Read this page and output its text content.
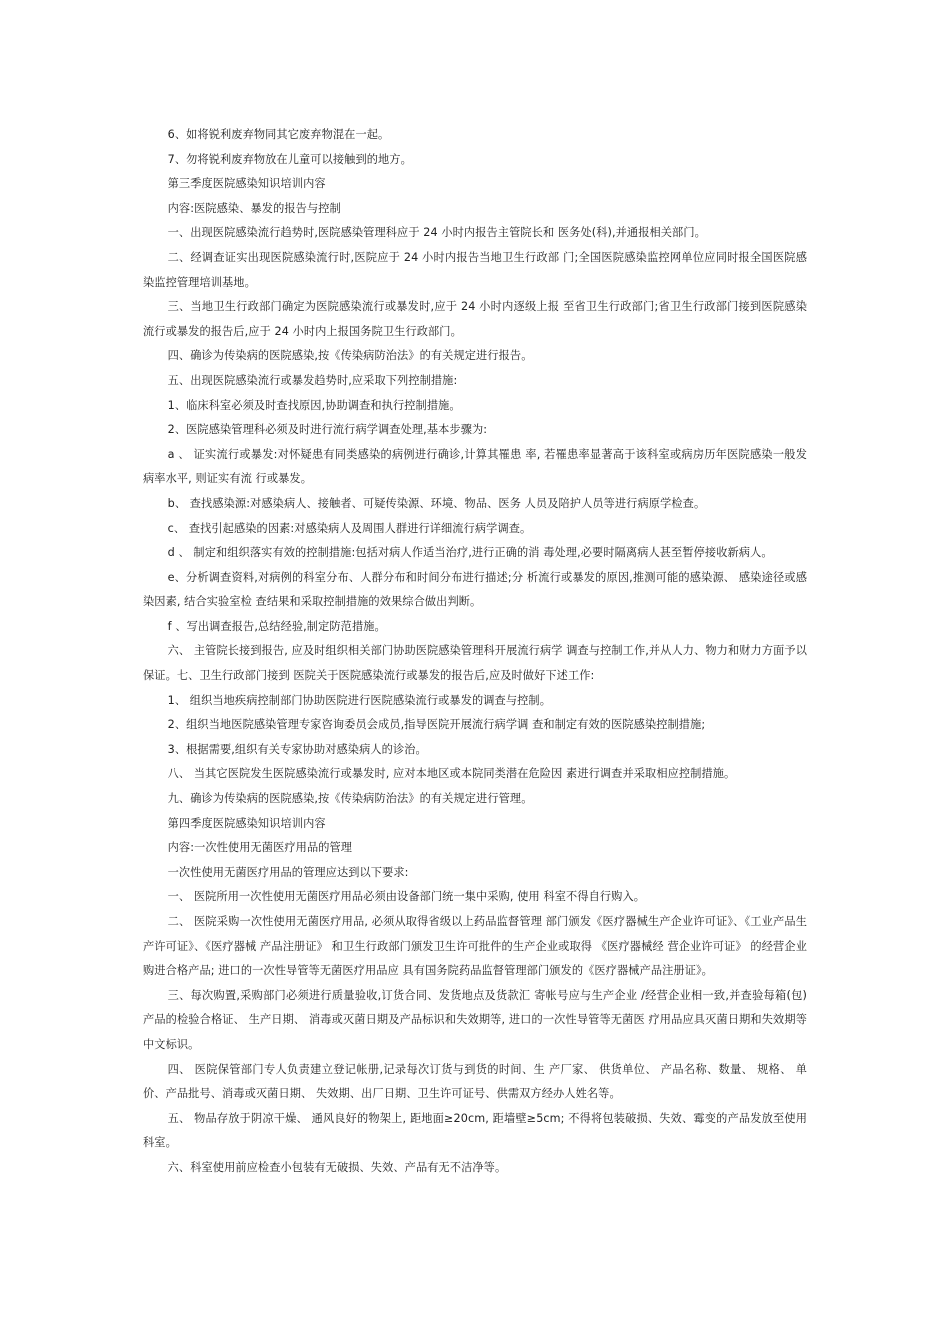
6、如将锐利废弃物同其它废弃物混在一起。

7、勿将锐利废弃物放在儿童可以接触到的地方。

第三季度医院感染知识培训内容

内容:医院感染、暴发的报告与控制

一、出现医院感染流行趋势时,医院感染管理科应于 24 小时内报告主管院长和 医务处(科),并通报相关部门。

二、经调查证实出现医院感染流行时,医院应于 24 小时内报告当地卫生行政部 门;全国医院感染监控网单位应同时报全国医院感染监控管理培训基地。

三、当地卫生行政部门确定为医院感染流行或暴发时,应于 24 小时内逐级上报 至省卫生行政部门;省卫生行政部门接到医院感染流行或暴发的报告后,应于 24 小时内上报国务院卫生行政部门。

四、确诊为传染病的医院感染,按《传染病防治法》的有关规定进行报告。

五、出现医院感染流行或暴发趋势时,应采取下列控制措施:

1、临床科室必须及时查找原因,协助调查和执行控制措施。

2、医院感染管理科必须及时进行流行病学调查处理,基本步骤为:

a 、 证实流行或暴发:对怀疑患有同类感染的病例进行确诊,计算其罹患 率, 若罹患率显著高于该科室或病房历年医院感染一般发病率水平, 则证实有流 行或暴发。

b、 查找感染源:对感染病人、接触者、可疑传染源、环境、物品、医务 人员及陪护人员等进行病原学检查。

c、 查找引起感染的因素:对感染病人及周围人群进行详细流行病学调查。

d 、 制定和组织落实有效的控制措施:包括对病人作适当治疗,进行正确的消 毒处理,必要时隔离病人甚至暂停接收新病人。

e、分析调查资料,对病例的科室分布、人群分布和时间分布进行描述;分 析流行或暴发的原因,推测可能的感染源、 感染途径或感染因素, 结合实验室检 查结果和采取控制措施的效果综合做出判断。

f 、写出调查报告,总结经验,制定防范措施。

六、 主管院长接到报告, 应及时组织相关部门协助医院感染管理科开展流行病学 调查与控制工作,并从人力、物力和财力方面予以保证。七、卫生行政部门接到 医院关于医院感染流行或暴发的报告后,应及时做好下述工作:

1、 组织当地疾病控制部门协助医院进行医院感染流行或暴发的调查与控制。

2、组织当地医院感染管理专家咨询委员会成员,指导医院开展流行病学调 查和制定有效的医院感染控制措施;

3、根据需要,组织有关专家协助对感染病人的诊治。

八、 当其它医院发生医院感染流行或暴发时, 应对本地区或本院同类潜在危险因 素进行调查并采取相应控制措施。

九、确诊为传染病的医院感染,按《传染病防治法》的有关规定进行管理。

第四季度医院感染知识培训内容

内容:一次性使用无菌医疗用品的管理

一次性使用无菌医疗用品的管理应达到以下要求:

一、 医院所用一次性使用无菌医疗用品必须由设备部门统一集中采购, 使用 科室不得自行购入。

二、 医院采购一次性使用无菌医疗用品, 必须从取得省级以上药品监督管理 部门颁发《医疗器械生产企业许可证》、《工业产品生产许可证》、《医疗器械 产品注册证》 和卫生行政部门颁发卫生许可批件的生产企业或取得 《医疗器械经 营企业许可证》 的经营企业购进合格产品; 进口的一次性导管等无菌医疗用品应 具有国务院药品监督管理部门颁发的《医疗器械产品注册证》。

三、每次购置,采购部门必须进行质量验收,订货合同、发货地点及货款汇 寄帐号应与生产企业 /经营企业相一致,并查验每箱(包)产品的检验合格证、 生产日期、 消毒或灭菌日期及产品标识和失效期等, 进口的一次性导管等无菌医 疗用品应具灭菌日期和失效期等中文标识。

四、 医院保管部门专人负责建立登记帐册,记录每次订货与到货的时间、生 产厂家、 供货单位、 产品名称、数量、 规格、 单价、产品批号、消毒或灭菌日期、 失效期、出厂日期、卫生许可证号、供需双方经办人姓名等。

五、 物品存放于阴凉干燥、 通风良好的物架上, 距地面≥20cm, 距墙壁≥5cm; 不得将包装破损、失效、霉变的产品发放至使用科室。

六、科室使用前应检查小包装有无破损、失效、产品有无不洁净等。
